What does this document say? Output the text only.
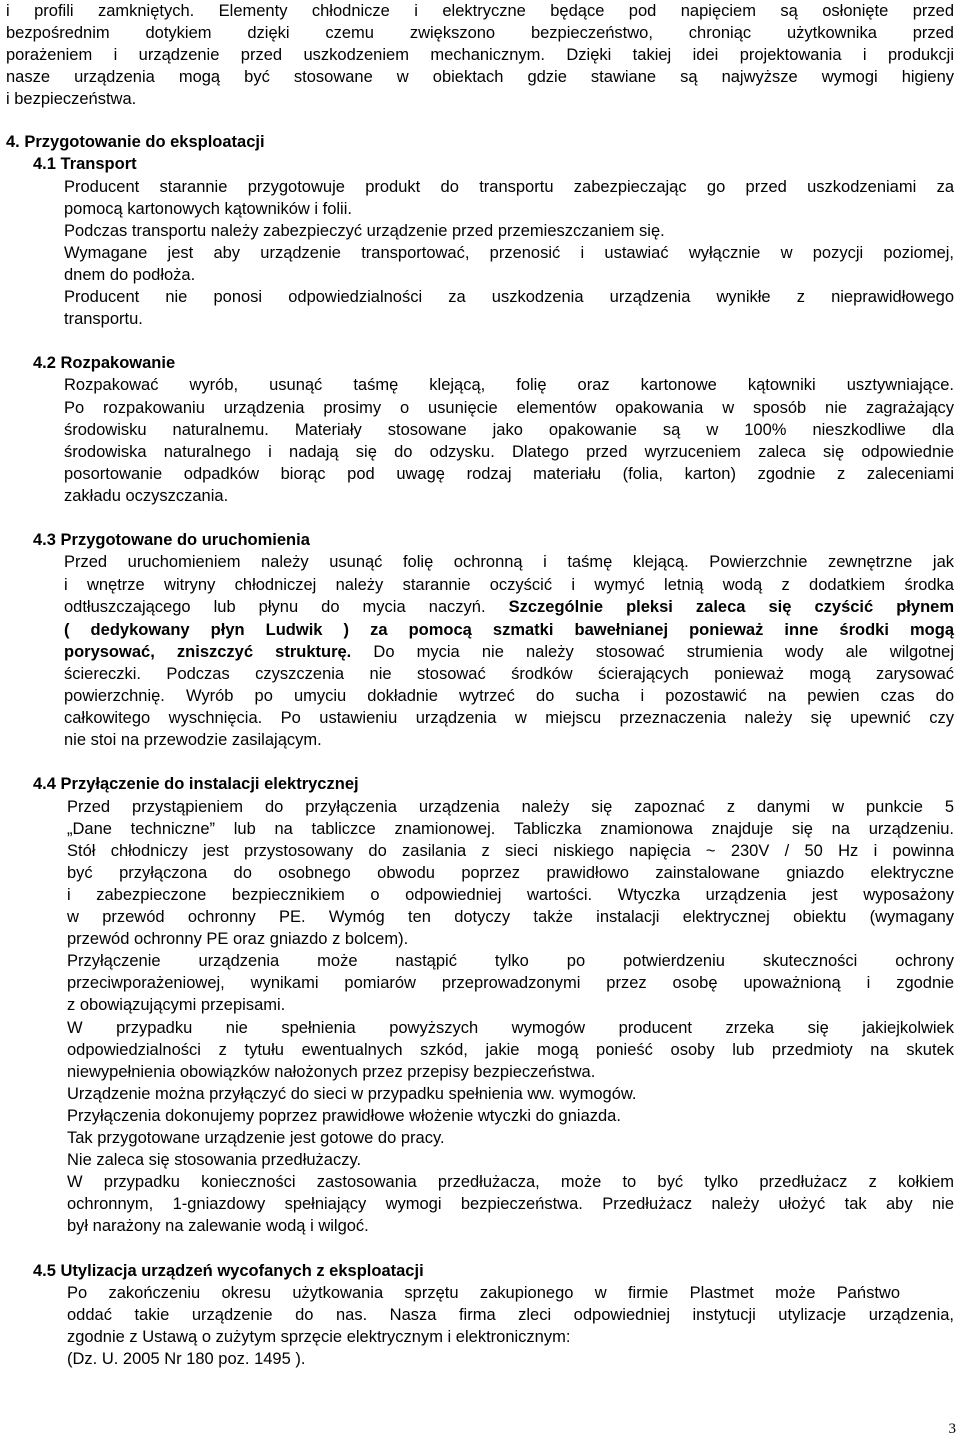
i profili zamkniętych. Elementy chłodnicze i elektryczne będące pod napięciem są osłonięte przed
bezpośrednim dotykiem dzięki czemu zwiększono bezpieczeństwo, chroniąc użytkownika przed
porażeniem i urządzenie przed uszkodzeniem mechanicznym. Dzięki takiej idei projektowania i produkcji
nasze urządzenia mogą być stosowane w obiektach gdzie stawiane są najwyższe wymogi higieny
i bezpieczeństwa.
4. Przygotowanie do eksploatacji
4.1 Transport
Producent starannie przygotowuje produkt do transportu zabezpieczając go przed uszkodzeniami za
pomocą kartonowych kątowników i folii.
Podczas transportu należy zabezpieczyć urządzenie przed przemieszczaniem się.
Wymagane jest aby urządzenie transportować, przenosić i ustawiać wyłącznie w pozycji poziomej,
dnem do podłoża.
Producent nie ponosi odpowiedzialności za uszkodzenia urządzenia wynikłe z nieprawidłowego
transportu.
4.2 Rozpakowanie
Rozpakować wyrób, usunąć taśmę klejącą, folię oraz kartonowe kątowniki usztywniające.
Po rozpakowaniu urządzenia prosimy o usunięcie elementów opakowania w sposób nie zagrażający
środowisku naturalnemu. Materiały stosowane jako opakowanie są w 100% nieszkodliwe dla
środowiska naturalnego i nadają się do odzysku. Dlatego przed wyrzuceniem zaleca się odpowiednie
posortowanie odpadków biorąc pod uwagę rodzaj materiału (folia, karton) zgodnie z zaleceniami
zakładu oczyszczania.
4.3 Przygotowane do uruchomienia
Przed uruchomieniem należy usunąć folię ochronną i taśmę klejącą. Powierzchnie zewnętrzne jak
i wnętrze witryny chłodniczej należy starannie oczyścić i wymyć letnią wodą z dodatkiem środka
odtłuszczającego lub płynu do mycia naczyń. Szczególnie pleksi zaleca się czyścić płynem
( dedykowany płyn Ludwik ) za pomocą szmatki bawełnianej ponieważ inne środki mogą
porysować, zniszczyć strukturę. Do mycia nie należy stosować strumienia wody ale wilgotnej
ściereczki. Podczas czyszczenia nie stosować środków ścierających ponieważ mogą zarysować
powierzchnię. Wyrób po umyciu dokładnie wytrzeć do sucha i pozostawić na pewien czas do
całkowitego wyschnięcia. Po ustawieniu urządzenia w miejscu przeznaczenia należy się upewnić czy
nie stoi na przewodzie zasilającym.
4.4 Przyłączenie do instalacji elektrycznej
Przed przystąpieniem do przyłączenia urządzenia należy się zapoznać z danymi w punkcie 5
„Dane techniczne” lub na tabliczce znamionowej. Tabliczka znamionowa znajduje się na urządzeniu.
Stół chłodniczy jest przystosowany do zasilania z sieci niskiego napięcia ~ 230V / 50 Hz i powinna
być przyłączona do osobnego obwodu poprzez prawidłowo zainstalowane gniazdo elektryczne
i zabezpieczone bezpiecznikiem o odpowiedniej wartości. Wtyczka urządzenia jest wyposażony
w przewód ochronny PE. Wymóg ten dotyczy także instalacji elektrycznej obiektu (wymagany
przewód ochronny PE oraz gniazdo z bolcem).
Przyłączenie urządzenia może nastąpić tylko po potwierdzeniu skuteczności ochrony
przeciwporażeniowej, wynikami pomiarów przeprowadzonymi przez osobę upoważnioną i zgodnie
z obowiązującymi przepisami.
W przypadku nie spełnienia powyższych wymogów producent zrzeka się jakiejkolwiek
odpowiedzialności z tytułu ewentualnych szkód, jakie mogą ponieść osoby lub przedmioty na skutek
niewypełnienia obowiązków nałożonych przez przepisy bezpieczeństwa.
Urządzenie można przyłączyć do sieci w przypadku spełnienia ww. wymogów.
Przyłączenia dokonujemy poprzez prawidłowe włożenie wtyczki do gniazda.
Tak przygotowane urządzenie jest gotowe do pracy.
Nie zaleca się stosowania przedłużaczy.
W przypadku konieczności zastosowania przedłużacza, może to być tylko przedłużacz z kołkiem
ochronnym, 1-gniazdowy spełniający wymogi bezpieczeństwa. Przedłużacz należy ułożyć tak aby nie
był narażony na zalewanie wodą i wilgoć.
4.5 Utylizacja urządzeń wycofanych z eksploatacji
Po zakończeniu okresu użytkowania sprzętu zakupionego w firmie Plastmet może Państwo
oddać takie urządzenie do nas. Nasza firma zleci odpowiedniej instytucji utylizacje urządzenia,
zgodnie z Ustawą o zużytym sprzęcie elektrycznym i elektronicznym:
(Dz. U. 2005 Nr 180 poz. 1495 ).
3
